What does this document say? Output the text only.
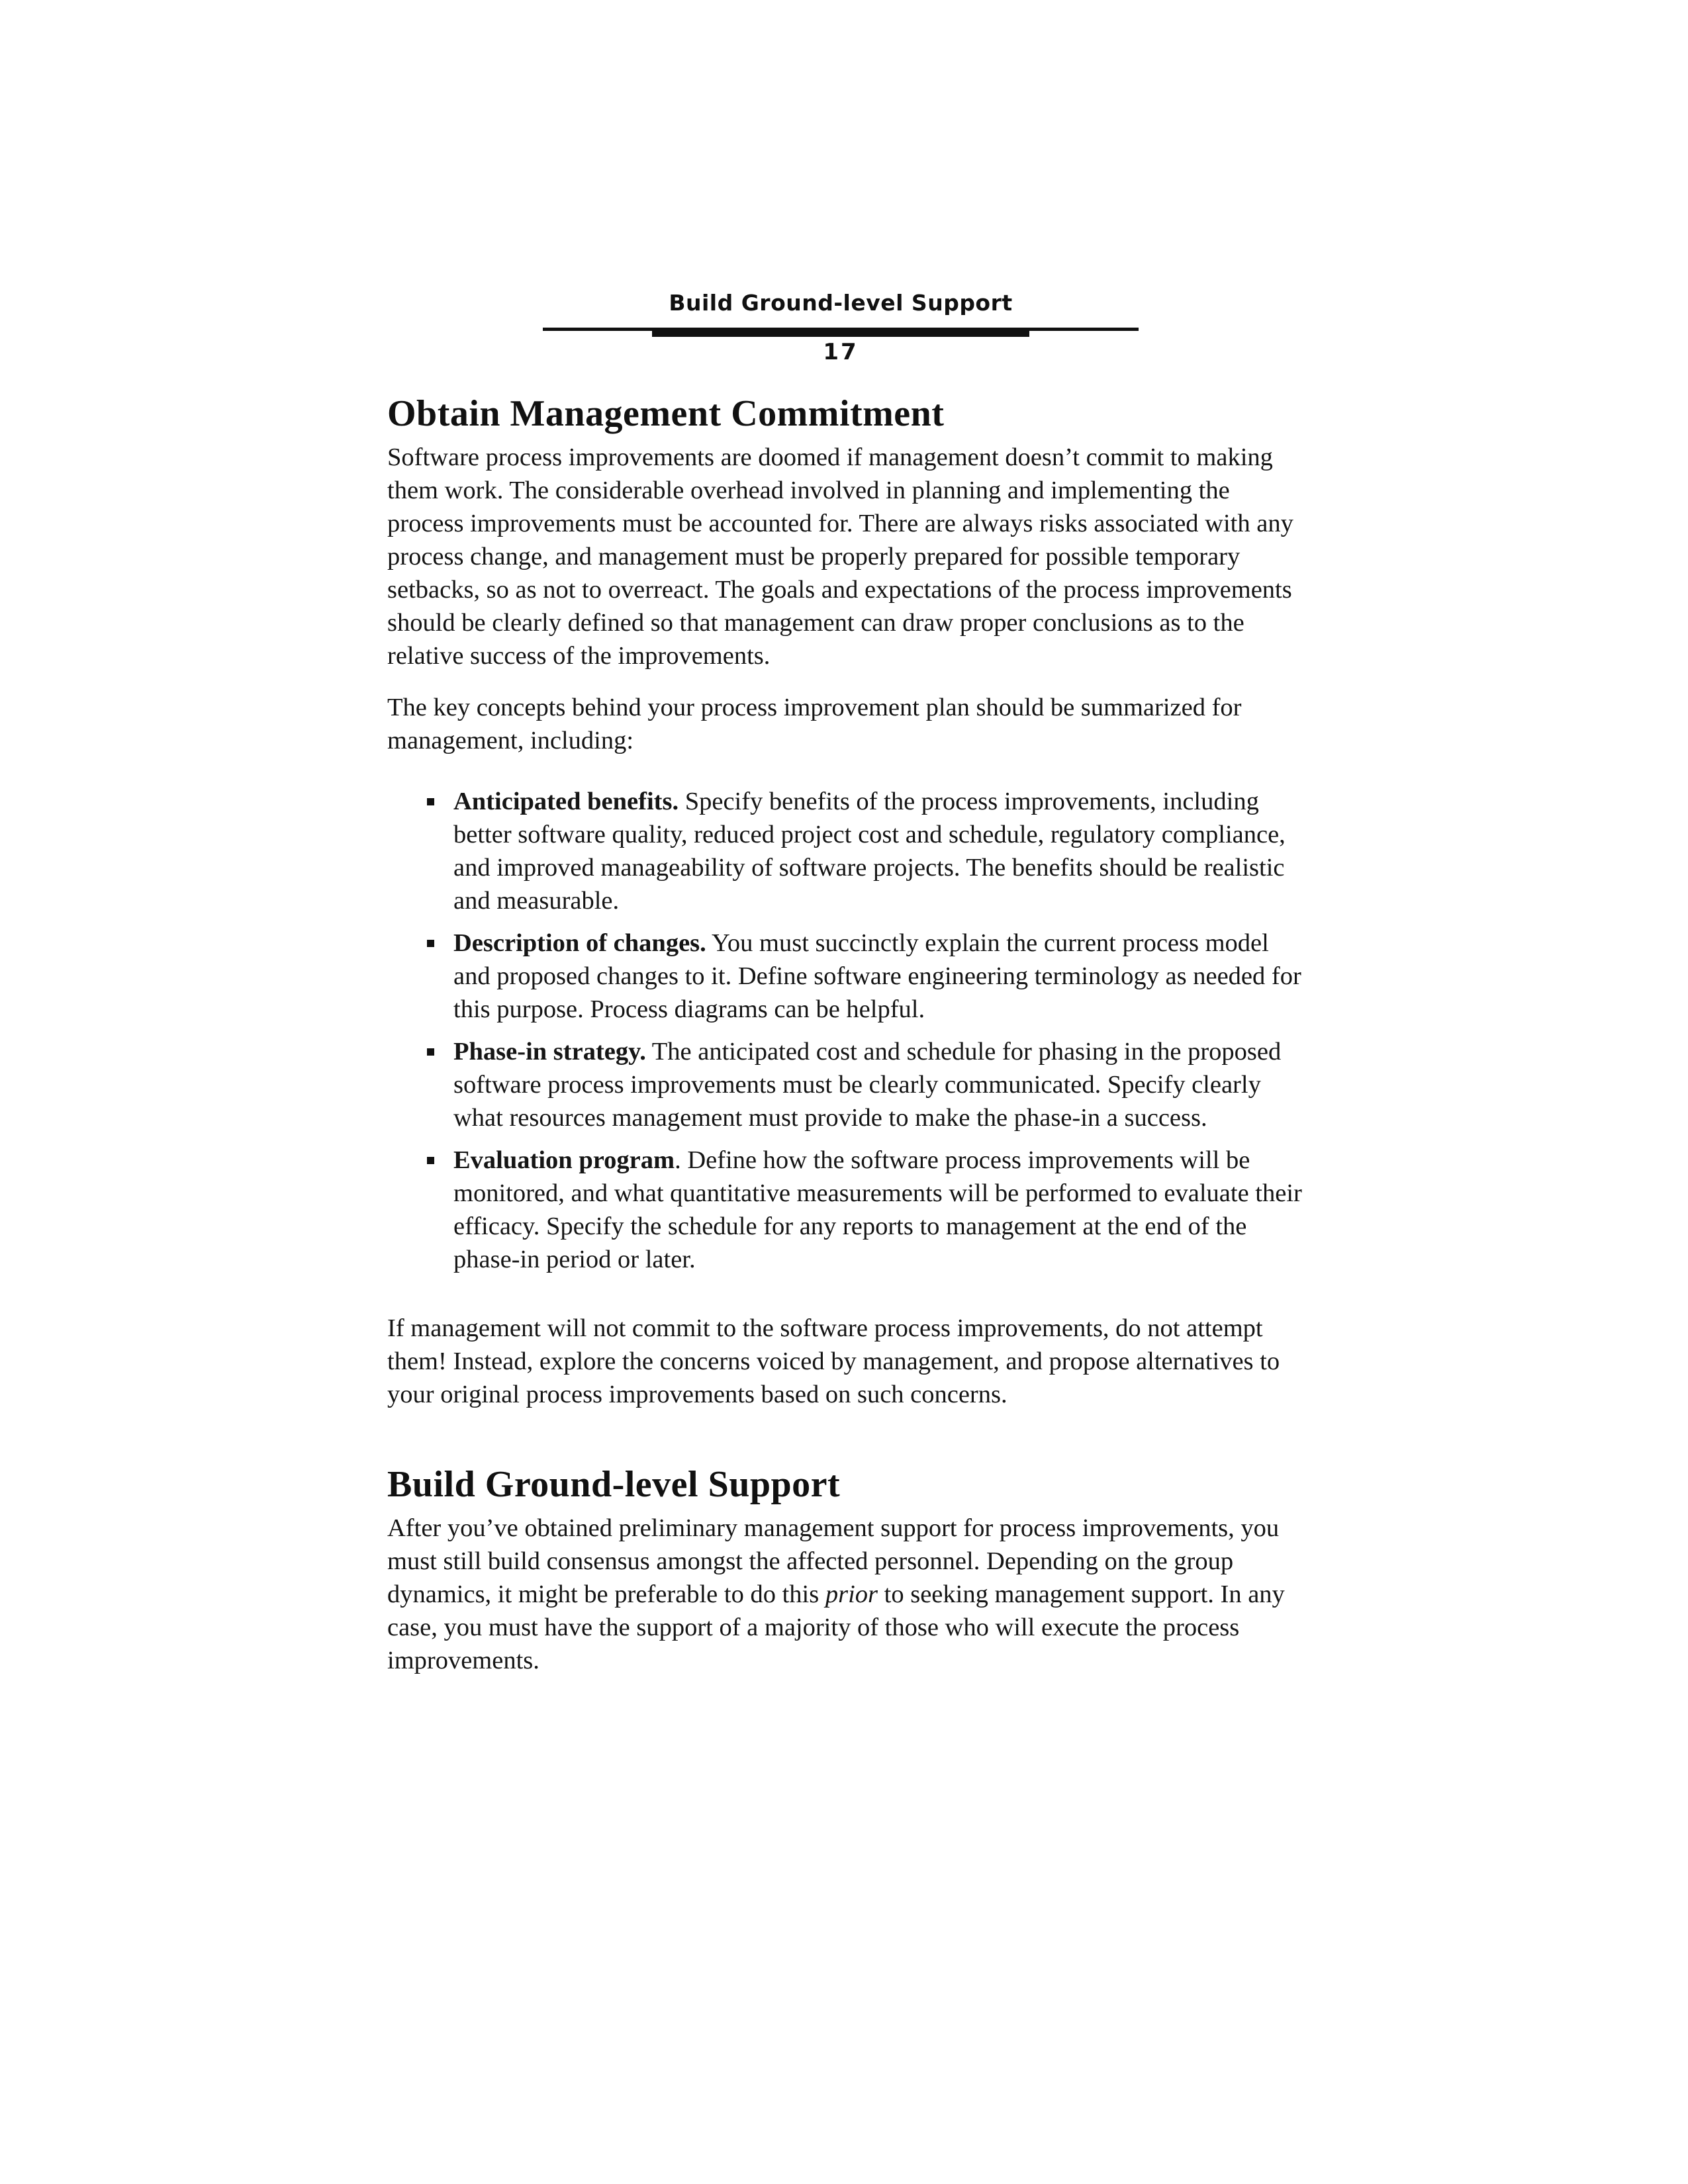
Build Ground-level Support
17
Obtain Management Commitment

Software process improvements are doomed if management doesn’t commit to making them work. The considerable overhead involved in planning and implementing the process improvements must be accounted for. There are always risks associated with any process change, and management must be properly prepared for possible temporary setbacks, so as not to overreact. The goals and expectations of the process improvements should be clearly defined so that management can draw proper conclusions as to the relative success of the improvements.

The key concepts behind your process improvement plan should be summarized for management, including:

Anticipated benefits. Specify benefits of the process improvements, including better software quality, reduced project cost and schedule, regulatory compliance, and improved manageability of software projects. The benefits should be realistic and measurable.
Description of changes. You must succinctly explain the current process model and proposed changes to it. Define software engineering terminology as needed for this purpose. Process diagrams can be helpful.
Phase-in strategy. The anticipated cost and schedule for phasing in the proposed software process improvements must be clearly communicated. Specify clearly what resources management must provide to make the phase-in a success.
Evaluation program. Define how the software process improvements will be monitored, and what quantitative measurements will be performed to evaluate their efficacy. Specify the schedule for any reports to management at the end of the phase-in period or later.

If management will not commit to the software process improvements, do not attempt them! Instead, explore the concerns voiced by management, and propose alternatives to your original process improvements based on such concerns.

Build Ground-level Support

After you’ve obtained preliminary management support for process improvements, you must still build consensus amongst the affected personnel. Depending on the group dynamics, it might be preferable to do this prior to seeking management support. In any case, you must have the support of a majority of those who will execute the process improvements.
